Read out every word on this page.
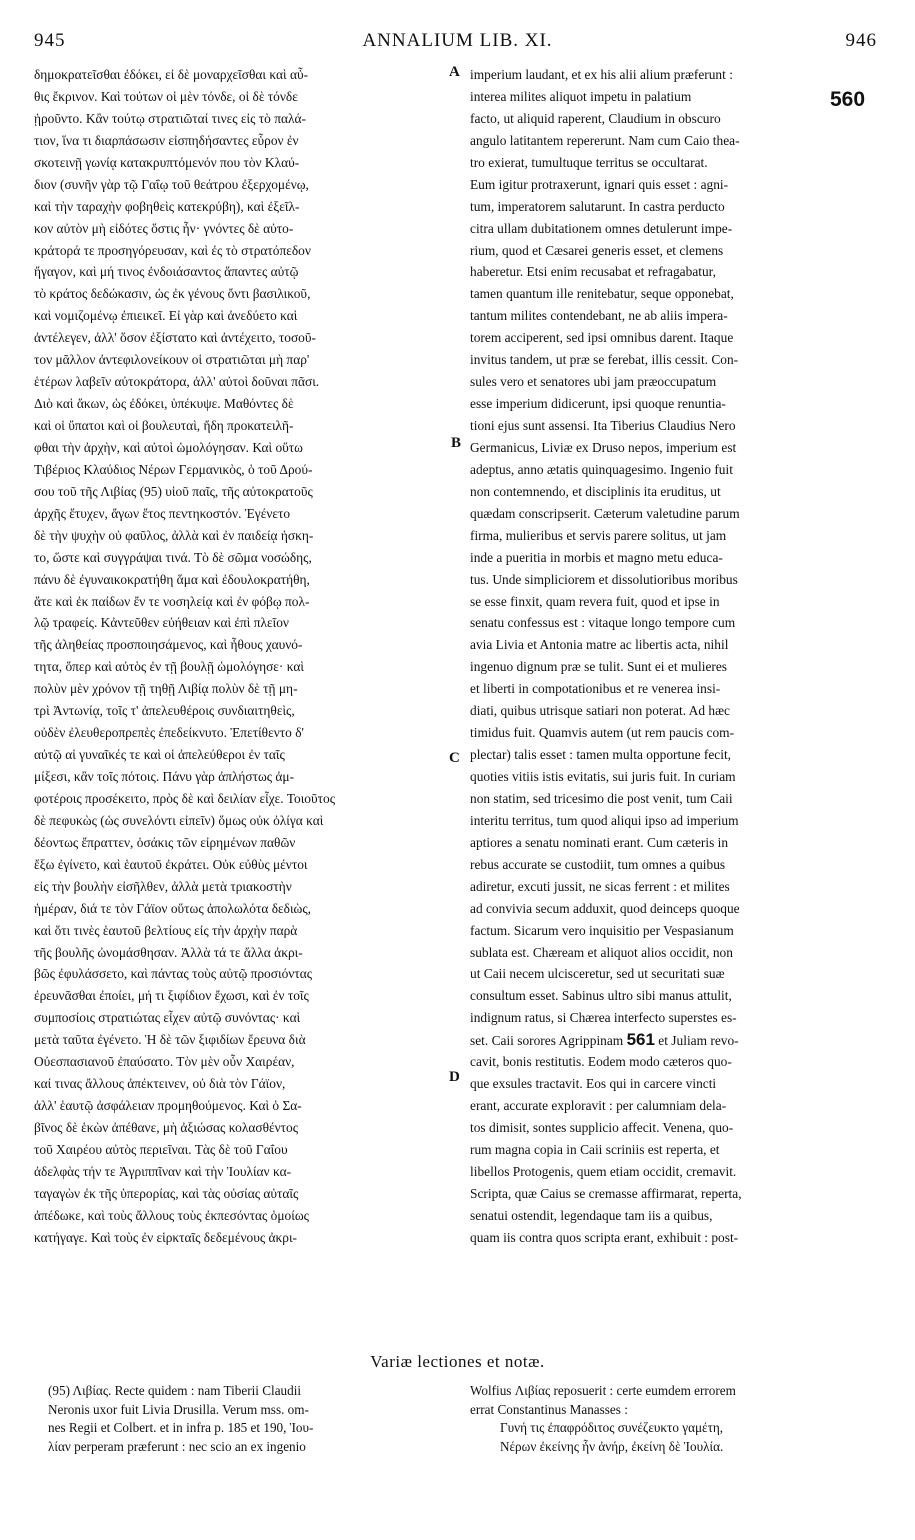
945	ANNALIUM LIB. XI.	946
δημοκρατεῖσθαι ἐδόκει, εἰ δὲ μοναρχεῖσθαι καὶ αὖ-
θις ἔκρινον. Καὶ τούτων οἱ μὲν τόνδε, οἱ δὲ τόνδε
ᾑροῦντο. Κἂν τούτῳ στρατιῶταί τινες εἰς τὸ παλά-
τιον, ἵνα τι διαρπάσωσιν εἰσπηδήσαντες εὗρον ἐν
σκοτεινῇ γωνίᾳ κατακρυπτόμενόν που τὸν Κλαύ-
διον (συνῆν γὰρ τῷ Γαΐῳ τοῦ θεάτρου ἐξερχομένῳ,
καὶ τὴν ταραχὴν φοβηθεὶς κατεκρύβη), καὶ ἐξεῖλ-
κον αὐτὸν μὴ εἰδότες ὅστις ἦν· γνόντες δὲ αὐτο-
κράτορά τε προσηγόρευσαν, καὶ ἐς τὸ στρατόπεδον
ἤγαγον, καὶ μή τινος ἐνδοιάσαντος ἅπαντες αὐτῷ
τὸ κράτος δεδώκασιν, ὡς ἐκ γένους ὄντι βασιλικοῦ,
καὶ νομιζομένῳ ἐπιεικεῖ. Εἰ γὰρ καὶ ἀνεδύετο καὶ
ἀντέλεγεν, ἀλλ' ὅσον ἐξίστατο καὶ ἀντέχειτο, τοσοῦ-
τον μᾶλλον ἀντεφιλονείκουν οἱ στρατιῶται μὴ παρ'
ἑτέρων λαβεῖν αὐτοκράτορα, ἀλλ' αὐτοὶ δοῦναι πᾶσι.
Διὸ καὶ ἄκων, ὡς ἐδόκει, ὑπέκυψε. Μαθόντες δὲ
καὶ οἱ ὕπατοι καὶ οἱ βουλευταὶ, ἤδη προκατειλῆ-
φθαι τὴν ἀρχὴν, καὶ αὐτοὶ ὡμολόγησαν. Καὶ οὕτω
Τιβέριος Κλαύδιος Νέρων Γερμανικὸς, ὁ τοῦ Δρού-
σου τοῦ τῆς Λιβίας (95) υἱοῦ παῖς, τῆς αὐτοκρατοῦς
ἀρχῆς ἔτυχεν, ἄγων ἔτος πεντηκοστόν. Ἐγένετο
δὲ τὴν ψυχὴν οὐ φαῦλος, ἀλλὰ καὶ ἐν παιδείᾳ ἠσκη-
το, ὥστε καὶ συγγράψαι τινά. Τὸ δὲ σῶμα νοσώδης,
πάνυ δὲ ἐγυναικοκρατήθη ἅμα καὶ ἐδουλοκρατήθη,
ἅτε καὶ ἐκ παίδων ἔν τε νοσηλείᾳ καὶ ἐν φόβῳ πολ-
λῷ τραφείς. Κἀντεῦθεν εὐήθειαν καὶ ἐπὶ πλεῖον
τῆς ἀληθείας προσποιησάμενος, καὶ ἦθους χαυνό-
τητα, ὅπερ καὶ αὐτὸς ἐν τῇ βουλῇ ὡμολόγησε· καὶ
πολὺν μὲν χρόνον τῇ τηθῇ Λιβίᾳ πολὺν δὲ τῇ μη-
τρὶ Ἀντωνίᾳ, τοῖς τ' ἀπελευθέροις συνδιαιτηθεὶς,
οὐδὲν ἐλευθεροπρεπὲς ἐπεδείκνυτο. Ἐπετίθεντο δ'
αὐτῷ αἱ γυναῖκές τε καὶ οἱ ἀπελεύθεροι ἐν ταῖς
μίξεσι, κἂν τοῖς πότοις. Πάνυ γὰρ ἀπλήστως ἀμ-
φοτέροις προσέκειτο, πρὸς δὲ καὶ δειλίαν εἶχε. Τοιοῦτος
δὲ πεφυκὼς (ὡς συνελόντι εἰπεῖν) ὅμως οὐκ ὀλίγα καὶ
δέοντως ἔπραττεν, ὁσάκις τῶν εἰρημένων παθῶν
ἔξω ἐγίνετο, καὶ ἑαυτοῦ ἐκράτει. Οὐκ εὐθὺς μέντοι
εἰς τὴν βουλὴν εἰσῆλθεν, ἀλλὰ μετὰ τριακοστὴν
ἡμέραν, διά τε τὸν Γάϊον οὕτως ἀπολωλότα δεδιὼς,
καὶ ὅτι τινὲς ἑαυτοῦ βελτίους εἰς τὴν ἀρχὴν παρὰ
τῆς βουλῆς ὠνομάσθησαν. Ἀλλὰ τά τε ἄλλα ἀκρι-
βῶς ἐφυλάσσετο, καὶ πάντας τοὺς αὐτῷ προσιόντας
ἐρευνᾶσθαι ἐποίει, μή τι ξιφίδιον ἔχωσι, καὶ ἐν τοῖς
συμποσίοις στρατιώτας εἶχεν αὐτῷ συνόντας· καὶ
μετὰ ταῦτα ἐγένετο. Ἡ δὲ τῶν ξιφιδίων ἔρευνα διὰ
Οὐεσπασιανοῦ ἐπαύσατο. Τὸν μὲν οὖν Χαιρέαν,
καί τινας ἄλλους ἀπέκτεινεν, οὐ διὰ τὸν Γάϊον,
ἀλλ' ἑαυτῷ ἀσφάλειαν προμηθούμενος. Καὶ ὁ Σα-
βῖνος δὲ ἑκὼν ἀπέθανε, μὴ ἀξιώσας κολασθέντος
τοῦ Χαιρέου αὐτὸς περιεῖναι. Τὰς δὲ τοῦ Γαΐου
ἀδελφὰς τήν τε Ἀγριππῖναν καὶ τὴν Ἰουλίαν κα-
ταγαγὼν ἐκ τῆς ὑπερορίας, καὶ τὰς οὐσίας αὐταῖς
ἀπέδωκε, καὶ τοὺς ἄλλους τοὺς ἐκπεσόντας ὁμοίως
κατήγαγε. Καὶ τοὺς ἐν εἱρκταῖς δεδεμένους ἀκρι-
imperium laudant, et ex his alii alium præferunt :
interea milites aliquot impetu in palatium
facto, ut aliquid raperent, Claudium in obscuro
angulo latitantem repererunt. Nam cum Caio thea-
tro exierat, tumultuque territus se occultarat.
Eum igitur protraxerunt, ignari quis esset : agni-
tum, imperatorem salutarunt. In castra perducto
citra ullam dubitationem omnes detulerunt impe-
rium, quod et Cæsarei generis esset, et clemens
haberetur. Etsi enim recusabat et refragabatur,
tamen quantum ille renitebatur, seque opponebat,
tantum milites contendebant, ne ab aliis impera-
torem acciperent, sed ipsi omnibus darent. Itaque
invitus tandem, ut præ se ferebat, illis cessit. Con-
sules vero et senatores ubi jam præoccupatum
esse imperium didicerunt, ipsi quoque renuntia-
tioni ejus sunt assensi. Ita Tiberius Claudius Nero
Germanicus, Liviæ ex Druso nepos, imperium est
adeptus, anno ætatis quinquagesimo. Ingenio fuit
non contemnendo, et disciplinis ita eruditus, ut
quædam conscripserit. Cæterum valetudine parum
firma, mulieribus et servis parere solitus, ut jam
inde a pueritia in morbis et magno metu educa-
tus. Unde simpliciorem et dissolutioribus moribus
se esse finxit, quam revera fuit, quod et ipse in
senatu confessus est : vitaque longo tempore cum
avia Livia et Antonia matre ac libertis acta, nihil
ingenuo dignum præ se tulit. Sunt ei et mulieres
et liberti in compotationibus et re venerea insi-
diati, quibus utrisque satiari non poterat. Ad hæc
timidus fuit. Quamvis autem (ut rem paucis com-
plectar) talis esset : tamen multa opportune fecit,
quoties vitiis istis evitatis, sui juris fuit. In curiam
non statim, sed tricesimo die post venit, tum Caii
interitu territus, tum quod aliqui ipso ad imperium
aptiores a senatu nominati erant. Cum cæteris in
rebus accurate se custodiit, tum omnes a quibus
adiretur, excuti jussit, ne sicas ferrent : et milites
ad convivia secum adduxit, quod deinceps quoque
factum. Sicarum vero inquisitio per Vespasianum
sublata est. Chæream et aliquot alios occidit, non
ut Caii necem ulcisceretur, sed ut securitati suæ
consultum esset. Sabinus ultro sibi manus attulit,
indignum ratus, si Chærea interfecto superstes es-
set. Caii sorores Agrippinam 561 et Juliam revo-
cavit, bonis restitutis. Eodem modo cæteros quo-
que exsules tractavit. Eos qui in carcere vincti
erant, accurate exploravit : per calumniam dela-
tos dimisit, sontes supplicio affecit. Venena, quo-
rum magna copia in Caii scriniis est reperta, et
libellos Protogenis, quem etiam occidit, cremavit.
Scripta, quæ Caius se cremasse affirmarat, reperta,
senatui ostendit, legendaque tam iis a quibus,
quam iis contra quos scripta erant, exhibuit : post-
A
B
C
D
560
Variæ lectiones et notæ.
(95) Λιβίας. Recte quidem : nam Tiberii Claudii
Neronis uxor fuit Livia Drusilla. Verum mss. om-
nes Regii et Colbert. et in infra p. 185 et 190, Ἰου-
λίαν perperam præferunt : nec scio an ex ingenio
Wolfius Λιβίας reposuerit : certe eumdem errorem
errat Constantinus Manasses :
Γυνή τις ἐπαφρόδιτος συνέζευκτο γαμέτη,
Νέρων ἐκείνης ἦν ἀνήρ, ἐκείνη δὲ Ἰουλία.
